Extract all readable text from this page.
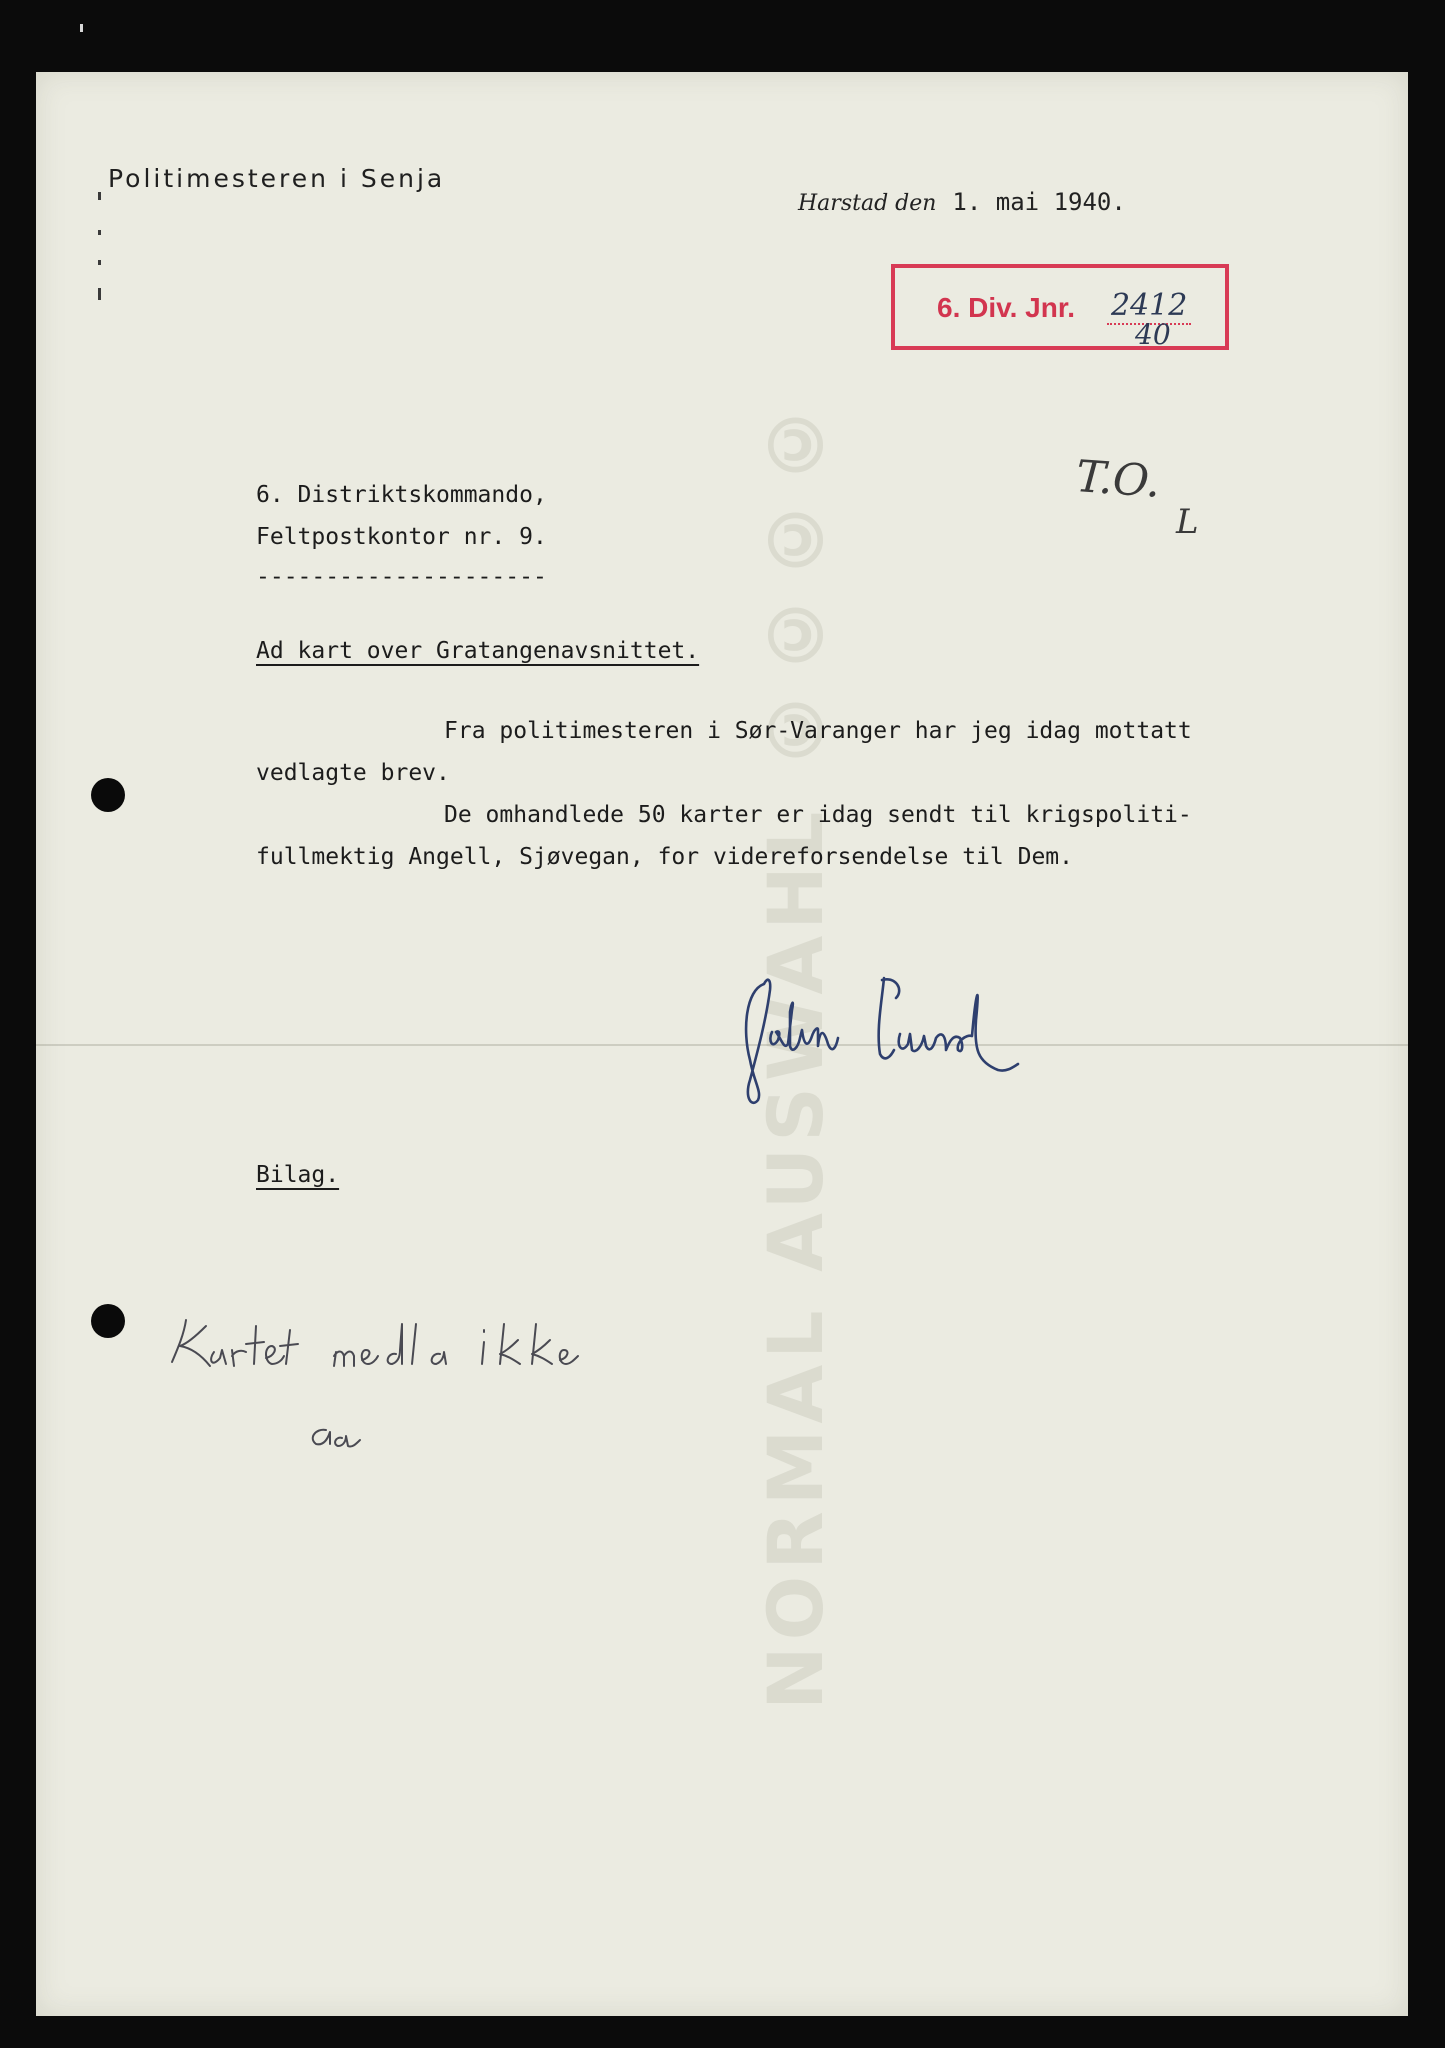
NORMAL AUSWAHL ©©©©
Politimesteren i Senja
Harstad den 1. mai 1940.
6. Div. Jnr. 2412
40
T.O.
L
6. Distriktskommando,
Feltpostkontor nr. 9.
---------------------
Ad kart over Gratangenavsnittet.
Fra politimesteren i Sør-Varanger har jeg idag mottatt
vedlagte brev.
De omhandlede 50 karter er idag sendt til krigspoliti-
fullmektig Angell, Sjøvegan, for videreforsendelse til Dem.
Bilag.
